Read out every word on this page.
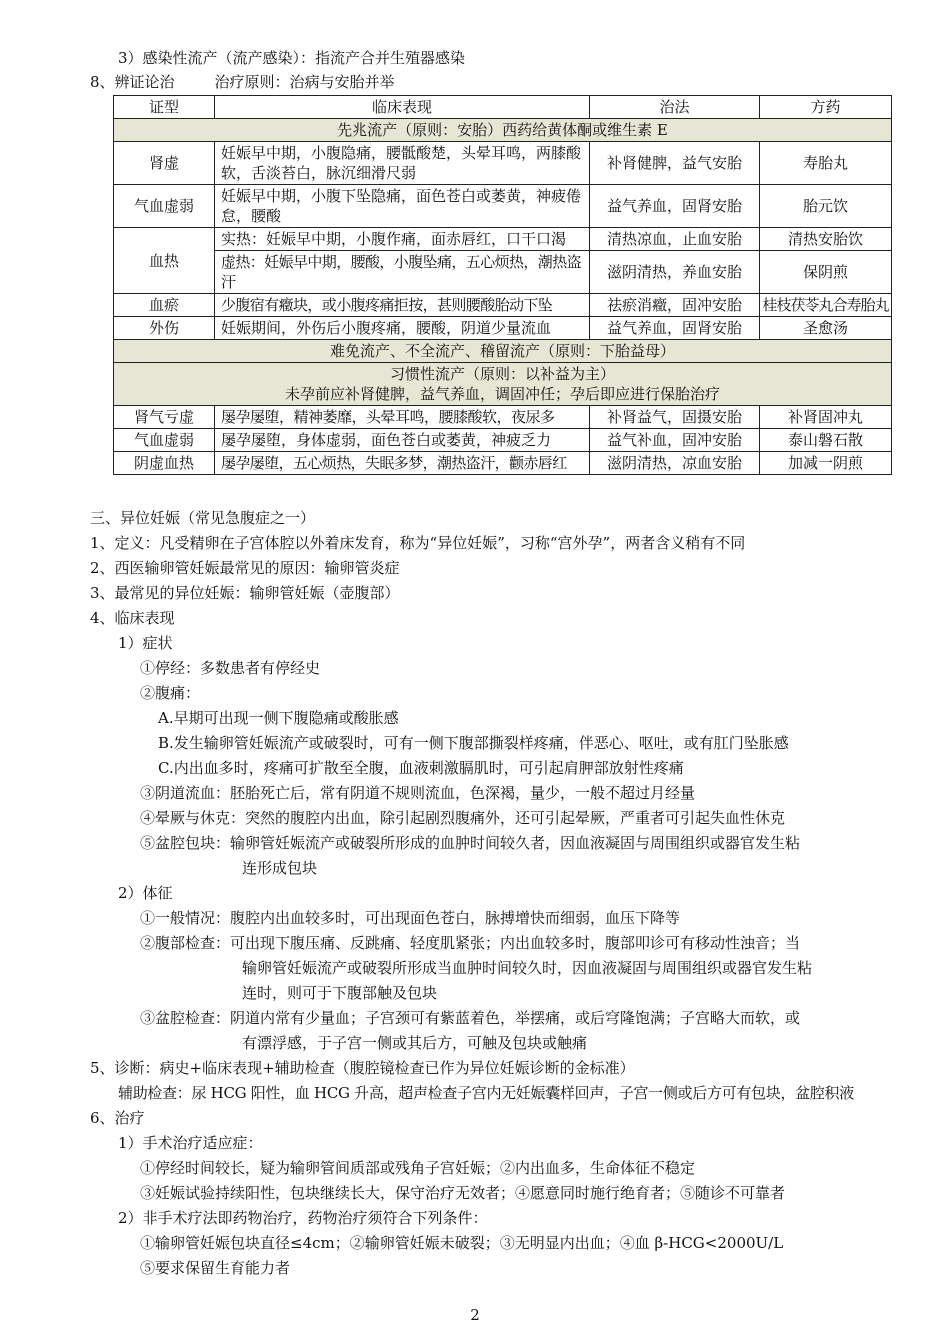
3）感染性流产（流产感染）：指流产合并生殖器感染
8、辨证论治	治疗原则：治病与安胎并举
证型	临床表现	治法	方药
先兆流产（原则：安胎）西药给黄体酮或维生素 E			
肾虚	妊娠早中期，小腹隐痛，腰骶酸楚，头晕耳鸣，两膝酸软，舌淡苔白，脉沉细滑尺弱	补肾健脾，益气安胎	寿胎丸
气血虚弱	妊娠早中期，小腹下坠隐痛，面色苍白或萎黄，神疲倦怠，腰酸	益气养血，固肾安胎	胎元饮
血热	实热：妊娠早中期，小腹作痛，面赤唇红，口干口渴	清热凉血，止血安胎	清热安胎饮
	虚热：妊娠早中期，腰酸，小腹坠痛，五心烦热，潮热盗汗	滋阴清热，养血安胎	保阴煎
血瘀	少腹宿有癥块，或小腹疼痛拒按，甚则腰酸胎动下坠	祛瘀消癥，固冲安胎	桂枝茯苓丸合寿胎丸
外伤	妊娠期间，外伤后小腹疼痛，腰酸，阴道少量流血	益气养血，固肾安胎	圣愈汤
难免流产、不全流产、稽留流产（原则：下胎益母）			

习惯性流产（原则：以补益为主）
未孕前应补肾健脾，益气养血，调固冲任；孕后即应进行保胎治疗			

肾气亏虚	屡孕屡堕，精神萎靡，头晕耳鸣，腰膝酸软，夜尿多	补肾益气，固摄安胎	补肾固冲丸
气血虚弱	屡孕屡堕，身体虚弱，面色苍白或萎黄，神疲乏力	益气补血，固冲安胎	泰山磐石散
阴虚血热	屡孕屡堕，五心烦热，失眠多梦，潮热盗汗，颧赤唇红	滋阴清热，凉血安胎	加减一阴煎
三、异位妊娠（常见急腹症之一）
1、定义：凡受精卵在子宫体腔以外着床发育，称为“异位妊娠”，习称“宫外孕”，两者含义稍有不同
2、西医输卵管妊娠最常见的原因：输卵管炎症
3、最常见的异位妊娠：输卵管妊娠（壶腹部）
4、临床表现
1）症状
①停经：多数患者有停经史
②腹痛：
A.早期可出现一侧下腹隐痛或酸胀感
B.发生输卵管妊娠流产或破裂时，可有一侧下腹部撕裂样疼痛，伴恶心、呕吐，或有肛门坠胀感
C.内出血多时，疼痛可扩散至全腹，血液刺激膈肌时，可引起肩胛部放射性疼痛
③阴道流血：胚胎死亡后，常有阴道不规则流血，色深褐，量少，一般不超过月经量
④晕厥与休克：突然的腹腔内出血，除引起剧烈腹痛外，还可引起晕厥，严重者可引起失血性休克
⑤盆腔包块：输卵管妊娠流产或破裂所形成的血肿时间较久者，因血液凝固与周围组织或器官发生粘
连形成包块
2）体征
①一般情况：腹腔内出血较多时，可出现面色苍白，脉搏增快而细弱，血压下降等
②腹部检查：可出现下腹压痛、反跳痛、轻度肌紧张；内出血较多时，腹部叩诊可有移动性浊音；当
输卵管妊娠流产或破裂所形成当血肿时间较久时，因血液凝固与周围组织或器官发生粘
连时，则可于下腹部触及包块
③盆腔检查：阴道内常有少量血；子宫颈可有紫蓝着色，举摆痛，或后穹隆饱满；子宫略大而软，或
有漂浮感，于子宫一侧或其后方，可触及包块或触痛
5、诊断：病史+临床表现+辅助检查（腹腔镜检查已作为异位妊娠诊断的金标准）
辅助检查：尿 HCG 阳性，血 HCG 升高，超声检查子宫内无妊娠囊样回声，子宫一侧或后方可有包块，盆腔积液
6、治疗
1）手术治疗适应症：
①停经时间较长，疑为输卵管间质部或残角子宫妊娠；②内出血多，生命体征不稳定
③妊娠试验持续阳性，包块继续长大，保守治疗无效者；④愿意同时施行绝育者；⑤随诊不可靠者
2）非手术疗法即药物治疗，药物治疗须符合下列条件：
①输卵管妊娠包块直径≤4cm；②输卵管妊娠未破裂；③无明显内出血；④血 β-HCG<2000U/L
⑤要求保留生育能力者
2
